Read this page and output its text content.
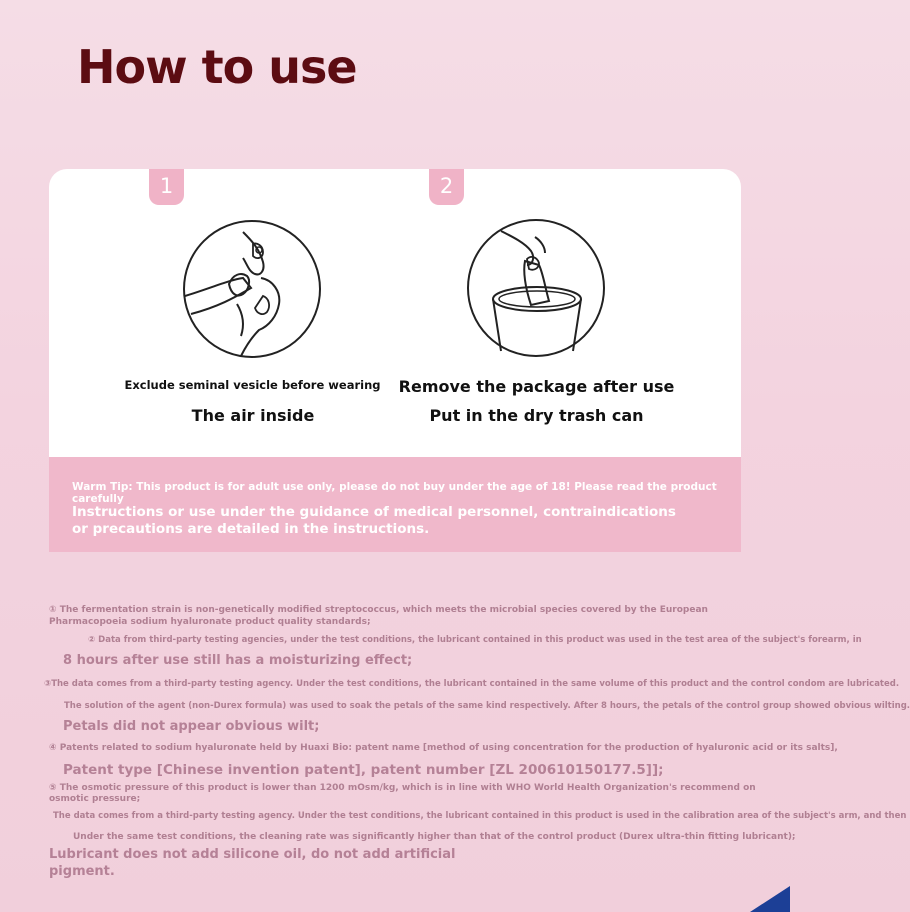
How to use
1	2
Exclude seminal vesicle before wearing
The air inside
Remove the package after use
Put in the dry trash can
Warm Tip: This product is for adult use only, please do not buy under the age of 18! Please read the product carefully
Instructions or use under the guidance of medical personnel, contraindications or precautions are detailed in the instructions.
① The fermentation strain is non-genetically modified streptococcus, which meets the microbial species covered by the European
Pharmacopoeia sodium hyaluronate product quality standards;
② Data from third-party testing agencies, under the test conditions, the lubricant contained in this product was used in the test area of the subject's forearm, in
8 hours after use still has a moisturizing effect;
③The data comes from a third-party testing agency. Under the test conditions, the lubricant contained in the same volume of this product and the control condom are lubricated.
The solution of the agent (non-Durex formula) was used to soak the petals of the same kind respectively. After 8 hours, the petals of the control group showed obvious wilting.
Petals did not appear obvious wilt;
④ Patents related to sodium hyaluronate held by Huaxi Bio: patent name [method of using concentration for the production of hyaluronic acid or its salts],
Patent type [Chinese invention patent], patent number [ZL 200610150177.5]];
⑤ The osmotic pressure of this product is lower than 1200 mOsm/kg, which is in line with WHO World Health Organization's recommend on
osmotic pressure;
The data comes from a third-party testing agency. Under the test conditions, the lubricant contained in this product is used in the calibration area of the subject's arm, and then
Under the same test conditions, the cleaning rate was significantly higher than that of the control product (Durex ultra-thin fitting lubricant);
Lubricant does not add silicone oil, do not add artificial
pigment.
